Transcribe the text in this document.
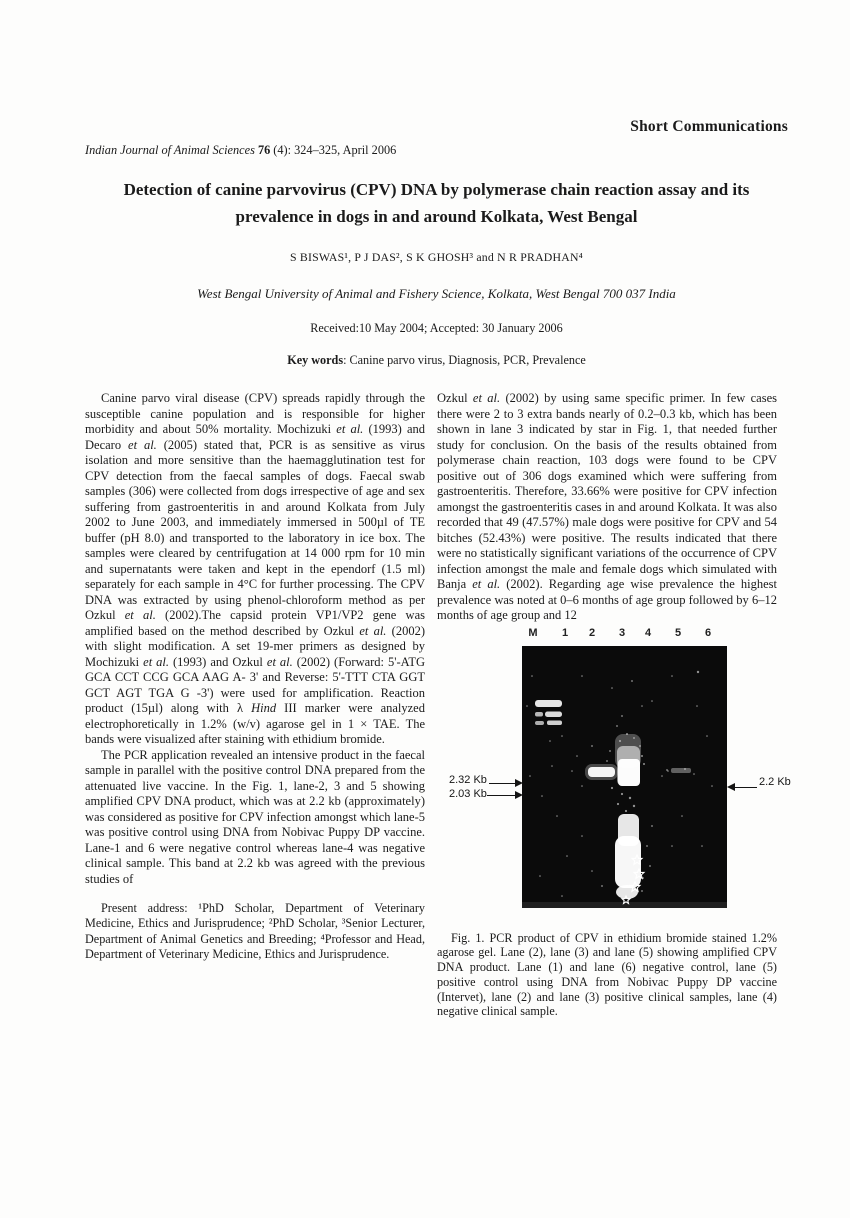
Short Communications
Indian Journal of Animal Sciences 76 (4): 324–325, April 2006
Detection of canine parvovirus (CPV) DNA by polymerase chain reaction assay and its prevalence in dogs in and around Kolkata, West Bengal
S BISWAS¹, P J DAS², S K GHOSH³ and N R PRADHAN⁴
West Bengal University of Animal and Fishery Science, Kolkata, West Bengal 700 037 India
Received:10 May 2004; Accepted: 30 January 2006
Key words: Canine parvo virus, Diagnosis, PCR, Prevalence

Canine parvo viral disease (CPV) spreads rapidly through the susceptible canine population and is responsible for higher morbidity and about 50% mortality. Mochizuki et al. (1993) and Decaro et al. (2005) stated that, PCR is as sensitive as virus isolation and more sensitive than the haemagglutination test for CPV detection from the faecal samples of dogs. Faecal swab samples (306) were collected from dogs irrespective of age and sex suffering from gastroenteritis in and around Kolkata from July 2002 to June 2003, and immediately immersed in 500µl of TE buffer (pH 8.0) and transported to the laboratory in ice box. The samples were cleared by centrifugation at 14 000 rpm for 10 min and supernatants were taken and kept in the ependorf (1.5 ml) separately for each sample in 4°C for further processing. The CPV DNA was extracted by using phenol-chloroform method as per Ozkul et al. (2002).The capsid protein VP1/VP2 gene was amplified based on the method described by Ozkul et al. (2002) with slight modification. A set 19-mer primers as designed by Mochizuki et al. (1993) and Ozkul et al. (2002) (Forward: 5'-ATG GCA CCT CCG GCA AAG A- 3' and Reverse: 5'-TTT CTA GGT GCT AGT TGA G -3') were used for amplification. Reaction product (15µl) along with λ Hind III marker were analyzed electrophoretically in 1.2% (w/v) agarose gel in 1 × TAE. The bands were visualized after staining with ethidium bromide.

The PCR application revealed an intensive product in the faecal sample in parallel with the positive control DNA prepared from the attenuated live vaccine. In the Fig. 1, lane-2, 3 and 5 showing amplified CPV DNA product, which was at 2.2 kb (approximately) was considered as positive for CPV infection amongst which lane-5 was positive control using DNA from Nobivac Puppy DP vaccine. Lane-1 and 6 were negative control whereas lane-4 was negative clinical sample. This band at 2.2 kb was agreed with the previous studies of

Present address: ¹PhD Scholar, Department of Veterinary Medicine, Ethics and Jurisprudence; ²PhD Scholar, ³Senior Lecturer, Department of Animal Genetics and Breeding; ⁴Professor and Head, Department of Veterinary Medicine, Ethics and Jurisprudence.

Ozkul et al. (2002) by using same specific primer. In few cases there were 2 to 3 extra bands nearly of 0.2–0.3 kb, which has been shown in lane 3 indicated by star in Fig. 1, that needed further study for conclusion. On the basis of the results obtained from polymerase chain reaction, 103 dogs were found to be CPV positive out of 306 dogs examined which were suffering from gastroenteritis. Therefore, 33.66% were positive for CPV infection amongst the gastroenteritis cases in and around Kolkata. It was also recorded that 49 (47.57%) male dogs were positive for CPV and 54 bitches (52.43%) were positive. The results indicated that there were no statistically significant variations of the occurrence of CPV infection amongst the male and female dogs which simulated with Banja et al. (2002). Regarding age wise prevalence the highest prevalence was noted at 0–6 months of age group followed by 6–12 months of age group and 12

M	1	2	3	4	5	6
2.32 Kb
2.03 Kb
2.2 Kb

Fig. 1. PCR product of CPV in ethidium bromide stained 1.2% agarose gel. Lane (2), lane (3) and lane (5) showing amplified CPV DNA product. Lane (1) and lane (6) negative control, lane (5) positive control using DNA from Nobivac Puppy DP vaccine (Intervet), lane (2) and lane (3) positive clinical samples, lane (4) negative clinical sample.
